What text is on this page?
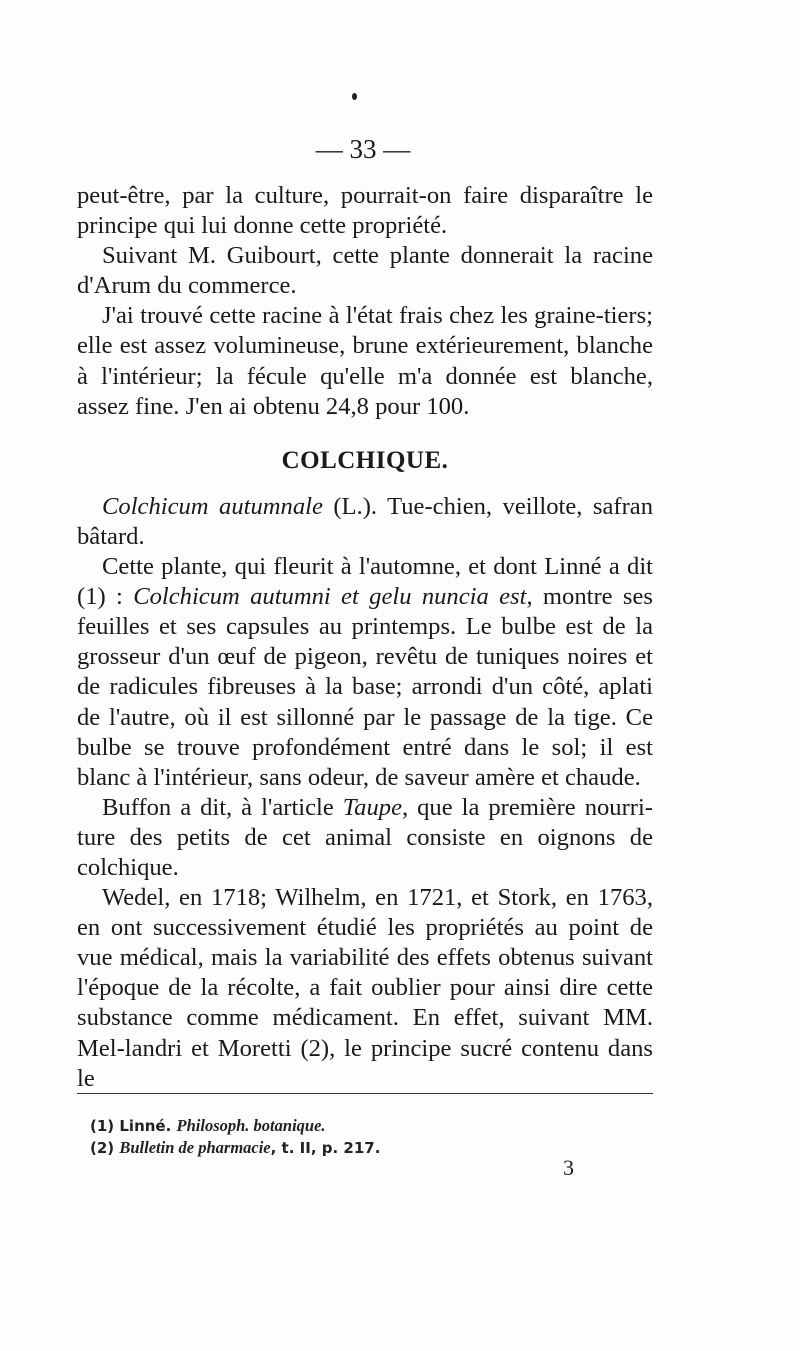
— 33 —

peut-être, par la culture, pourrait-on faire disparaître le principe qui lui donne cette propriété.

Suivant M. Guibourt, cette plante donnerait la racine d'Arum du commerce.

J'ai trouvé cette racine à l'état frais chez les graine-tiers; elle est assez volumineuse, brune extérieurement, blanche à l'intérieur; la fécule qu'elle m'a donnée est blanche, assez fine. J'en ai obtenu 24,8 pour 100.

COLCHIQUE.

Colchicum autumnale (L.). Tue-chien, veillote, safran bâtard.

Cette plante, qui fleurit à l'automne, et dont Linné a dit (1) : Colchicum autumni et gelu nuncia est, montre ses feuilles et ses capsules au printemps. Le bulbe est de la grosseur d'un œuf de pigeon, revêtu de tuniques noires et de radicules fibreuses à la base; arrondi d'un côté, aplati de l'autre, où il est sillonné par le passage de la tige. Ce bulbe se trouve profondément entré dans le sol; il est blanc à l'intérieur, sans odeur, de saveur amère et chaude.

Buffon a dit, à l'article Taupe, que la première nourri-ture des petits de cet animal consiste en oignons de colchique.

Wedel, en 1718; Wilhelm, en 1721, et Stork, en 1763, en ont successivement étudié les propriétés au point de vue médical, mais la variabilité des effets obtenus suivant l'époque de la récolte, a fait oublier pour ainsi dire cette substance comme médicament. En effet, suivant MM. Mel-landri et Moretti (2), le principe sucré contenu dans le

(1) Linné. Philosoph. botanique.
(2) Bulletin de pharmacie, t. II, p. 217.
3
